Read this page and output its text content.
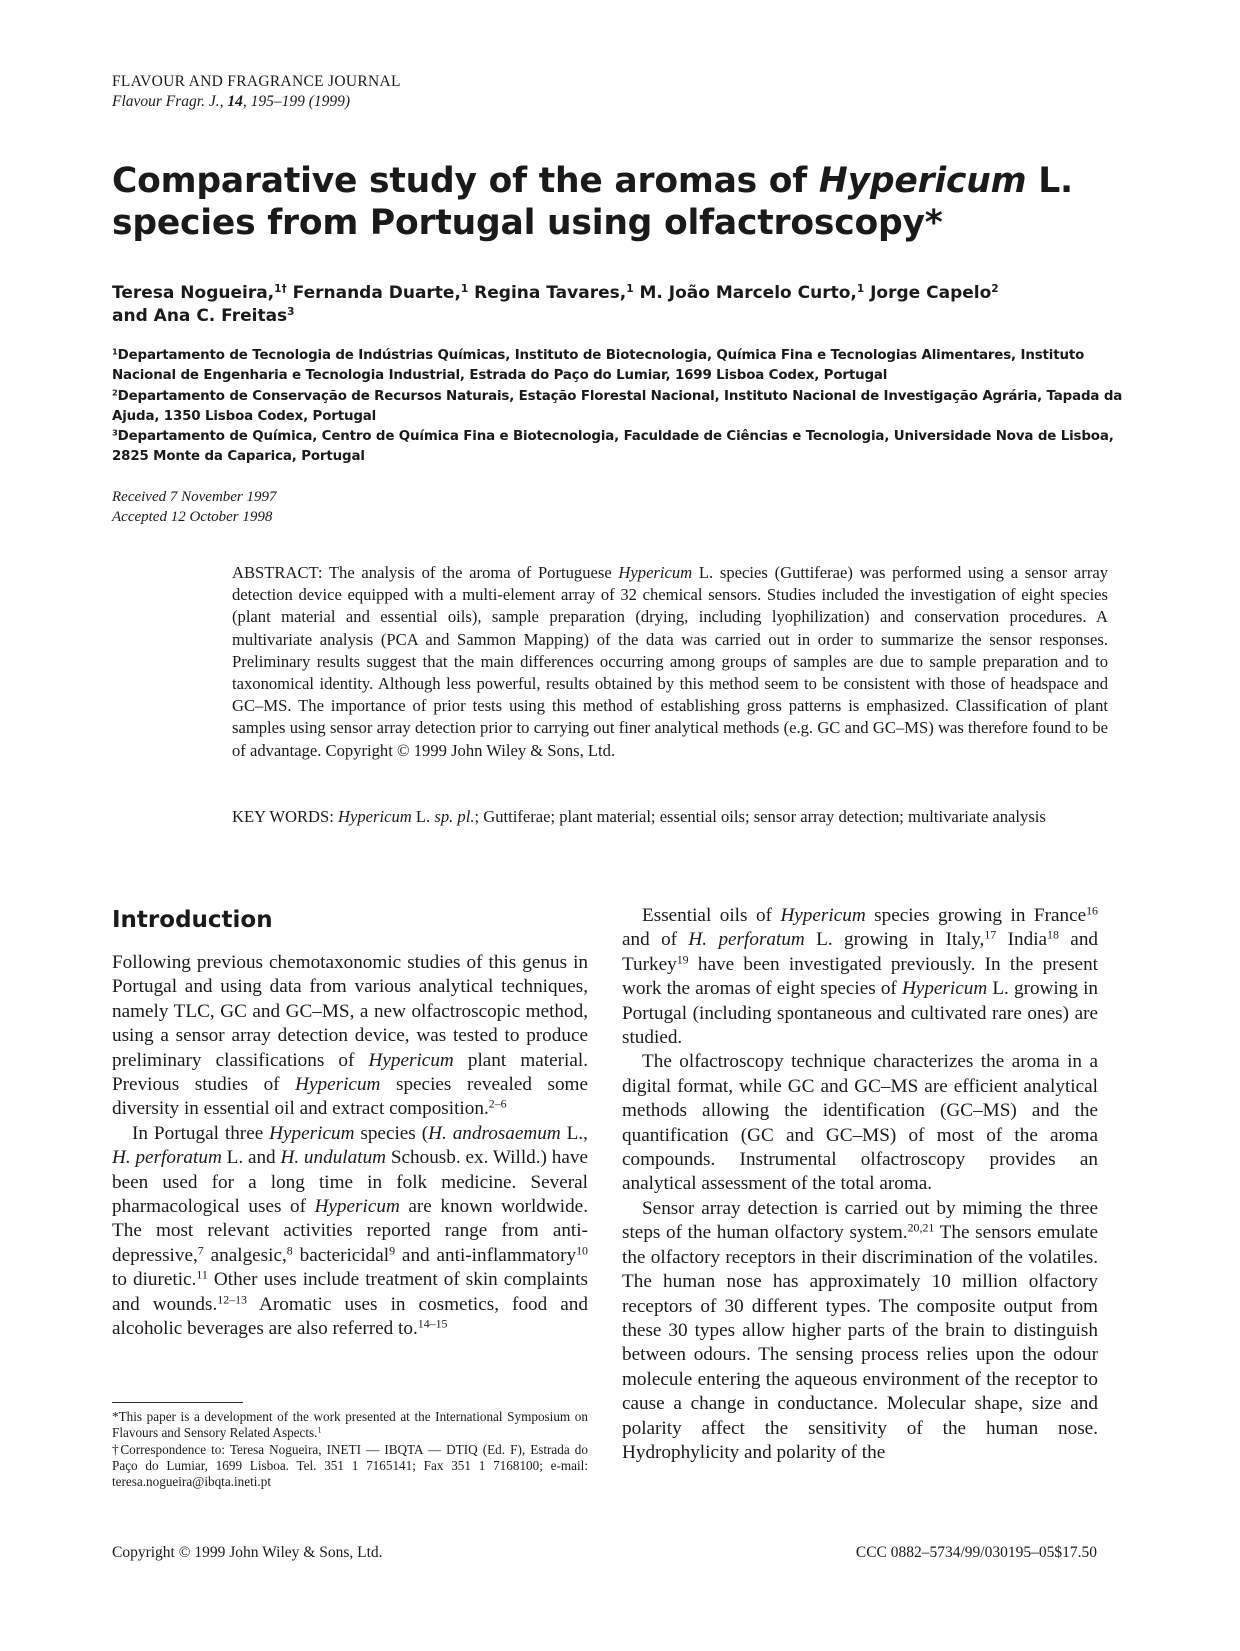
FLAVOUR AND FRAGRANCE JOURNAL
Flavour Fragr. J., 14, 195–199 (1999)
Comparative study of the aromas of Hypericum L. species from Portugal using olfactroscopy*
Teresa Nogueira,$^{1\dagger}$ Fernanda Duarte,$^1$ Regina Tavares,$^1$ M. João Marcelo Curto,$^1$ Jorge Capelo$^2$
and Ana C. Freitas$^3$

$^1$Departamento de Tecnologia de Indústrias Químicas, Instituto de Biotecnologia, Química Fina e Tecnologias Alimentares, Instituto Nacional de Engenharia e Tecnologia Industrial, Estrada do Paço do Lumiar, 1699 Lisboa Codex, Portugal

$^2$Departamento de Conservação de Recursos Naturais, Estação Florestal Nacional, Instituto Nacional de Investigação Agrária, Tapada da Ajuda, 1350 Lisboa Codex, Portugal

$^3$Departamento de Química, Centro de Química Fina e Biotecnologia, Faculdade de Ciências e Tecnologia, Universidade Nova de Lisboa, 2825 Monte da Caparica, Portugal

Received 7 November 1997
Accepted 12 October 1998

ABSTRACT: The analysis of the aroma of Portuguese Hypericum L. species (Guttiferae) was performed using a sensor array detection device equipped with a multi-element array of 32 chemical sensors. Studies included the investigation of eight species (plant material and essential oils), sample preparation (drying, including lyophilization) and conservation procedures. A multivariate analysis (PCA and Sammon Mapping) of the data was carried out in order to summarize the sensor responses. Preliminary results suggest that the main differences occurring among groups of samples are due to sample preparation and to taxonomical identity. Although less powerful, results obtained by this method seem to be consistent with those of headspace and GC–MS. The importance of prior tests using this method of establishing gross patterns is emphasized. Classification of plant samples using sensor array detection prior to carrying out finer analytical methods (e.g. GC and GC–MS) was therefore found to be of advantage. Copyright © 1999 John Wiley & Sons, Ltd.

KEY WORDS: Hypericum L. sp. pl.; Guttiferae; plant material; essential oils; sensor array detection; multivariate analysis

Introduction

Following previous chemotaxonomic studies of this genus in Portugal and using data from various analytical techniques, namely TLC, GC and GC–MS, a new olfactroscopic method, using a sensor array detection device, was tested to produce preliminary classifications of Hypericum plant material. Previous studies of Hypericum species revealed some diversity in essential oil and extract composition.$^{2-6}$

In Portugal three Hypericum species (H. androsaemum L., H. perforatum L. and H. undulatum Schousb. ex. Willd.) have been used for a long time in folk medicine. Several pharmacological uses of Hypericum are known worldwide. The most relevant activities reported range from anti-depressive,$^7$ analgesic,$^8$ bactericidal$^9$ and anti-inflammatory$^{10}$ to diuretic.$^{11}$ Other uses include treatment of skin complaints and wounds.$^{12-13}$ Aromatic uses in cosmetics, food and alcoholic beverages are also referred to.$^{14-15}$

*This paper is a development of the work presented at the International Symposium on Flavours and Sensory Related Aspects.$^1$

†Correspondence to: Teresa Nogueira, INETI — IBQTA — DTIQ (Ed. F), Estrada do Paço do Lumiar, 1699 Lisboa. Tel. 351 1 7165141; Fax 351 1 7168100; e-mail: teresa.nogueira@ibqta.ineti.pt

Essential oils of Hypericum species growing in France$^{16}$ and of H. perforatum L. growing in Italy,$^{17}$ India$^{18}$ and Turkey$^{19}$ have been investigated previously. In the present work the aromas of eight species of Hypericum L. growing in Portugal (including spontaneous and cultivated rare ones) are studied.

The olfactroscopy technique characterizes the aroma in a digital format, while GC and GC–MS are efficient analytical methods allowing the identification (GC–MS) and the quantification (GC and GC–MS) of most of the aroma compounds. Instrumental olfactroscopy provides an analytical assessment of the total aroma.

Sensor array detection is carried out by miming the three steps of the human olfactory system.$^{20,21}$ The sensors emulate the olfactory receptors in their discrimination of the volatiles. The human nose has approximately 10 million olfactory receptors of 30 different types. The composite output from these 30 types allow higher parts of the brain to distinguish between odours. The sensing process relies upon the odour molecule entering the aqueous environment of the receptor to cause a change in conductance. Molecular shape, size and polarity affect the sensitivity of the human nose. Hydrophylicity and polarity of the

Copyright © 1999 John Wiley & Sons, Ltd.	CCC 0882–5734/99/030195–05$17.50
